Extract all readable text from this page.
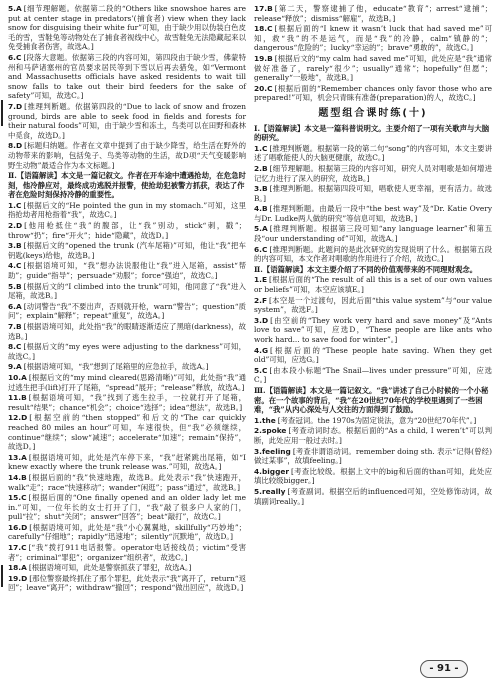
5.A [细节理解题。依据第二段的“Others like snowshoe hares are put at center stage in predators’(捕食者) view when they lack snow for disguising their white fur”可知，由于缺少用以伪装白色皮毛的雪，雪鞋兔等动物处在了捕食者视线中心，故雪鞋兔无法隐藏起来以免受捕食者伤害，故选A。]
6.C [段落大意题。依据第三段的内容可知，第四段由于缺少雪，佛蒙特州和马萨诸塞州的官员要求居民等到下雪以后再去猎兔，如“Vermont and Massachusetts officials have asked residents to wait till snow falls to take out their bird feeders for the sake of safety”可知，故选C。]
7.D [推理判断题。依据第四段的“Due to lack of snow and frozen ground, birds are able to seek food in fields and forests for their natural foods”可知，由于缺少雪和冻土，鸟类可以在田野和森林中觅食，故选D。]
8.D [标题归纳题。作者在文章中提到了由于缺少降雪，给生活在野外的动物带来的影响，包括兔子、鸟类等动物的生活，故D项“天气变暖影响野生动物”最适合作为本文标题。]
Ⅱ.【语篇解读】本文是一篇记叙文。作者在开车途中遭遇抢劫，在危急时刻，他冷静应对，最终成功逃脱并报警，使抢劫犯被警方抓获，表达了作者在危险时刻保持冷静的重要性。
1.C [根据后文的“He pointed the gun in my stomach.”可知，这里指抢劫者用枪指着“我”，故选C。]
2.D [他用枪抵住“我”的腹部，让“我”别动，stick“刺，戳”；throw“扔”；fire“开火”；hide“隐藏”，故选D。]
3.B [根据后文的“opened the trunk (汽车尾箱)”可知，他让“我”把车钥匙(keys)给他，故选B。]
4.C [根据语境可知，“我”想办法说服他让“我”进入尾箱，assist“帮助”；guide“指导”；persuade“劝服”；force“强迫”，故选C。]
5.B [根据后文的“I climbed into the trunk”可知，他同意了“我”进入尾箱，故选B。]
6.A [动词警告“我”不要出声，否则就开枪，warn“警告”；question“质问”；explain“解释”；repeat“重复”，故选A。]
7.B [根据语境可知，此处指“我”的眼睛逐渐适应了黑暗(darkness)，故选B。]
8.C [根据后文的“my eyes were adjusting to the darkness”可知，故选C。]
9.A [根据语境可知，“我”想到了尾箱里的应急拉手，故选A。]
10.A [根据后文的“my mind cleared(思路清晰)”可知，此处指“我”通过逃生把手(lift)打开了尾箱，“spread”展开；“release”释放，故选A。]
11.B [根据语境可知，“我”找到了逃生拉手，一拉就打开了尾箱，result“结果”；chance“机会”；choice“选择”；idea“想法”，故选B。]
12.D [根据空前的“then stopped”和后文的“The car quickly reached 80 miles an hour”可知，车速很快，但“我”必须继续，continue“继续”；slow“减速”；accelerate“加速”；remain“保持”，故选D。]
13.A [根据语境可知，此处是汽车停下来，“我”赶紧跳出尾箱，如“I knew exactly where the trunk release was.”可知，故选A。]
14.B [根据后面的“我”快速地跑，故选B。此处表示“我”快速跑开，walk“走”；race“快速移动”；wander“闲逛”；pass“通过”，故选B。]
15.C [根据后面的“One finally opened and an older lady let me in.”可知，一位年长的女士打开了门，“我”敲了很多户人家的门，pull“拉”；shut“关闭”；answer“回答”；beat“敲打”，故选C。]
16.D [根据语境可知，此处是“我”小心翼翼地，skillfully“巧妙地”；carefully“仔细地”；rapidly“迅速地”；silently“沉默地”，故选D。]
17.C [“我”拨打911电话报警。operator电话接线员；victim“受害者”；criminal“罪犯”；organizer“组织者”，故选C。]
18.A [根据语境可知，此处是警察抓获了罪犯，故选A。]
19.D [那位警察最终抓住了那个罪犯，此处表示“我”离开了，return“返回”；leave“离开”；withdraw“撤回”；respond“做出回应”，故选D。]
17.B [第二天，警察逮捕了他，educate“教育”；arrest“逮捕”；release“释放”；dismiss“解雇”，故选B。]
18.C [根据后面的“I knew it wasn’t luck that had saved me”可知，救“我”的不是运气，而是“我”的冷静，calm“镇静的”；dangerous“危险的”；lucky“幸运的”；brave“勇敢的”，故选C。]
19.B [根据后文的“my calm had saved me”可知，此处应是“我”通常做好准备了，rarely“很少”；usually“通常”；hopefully“但愿”；generally“一般地”，故选B。]
20.C [根据后面的“Remember chances only favor those who are prepared!”可知，机会只青睐有准备(preparation)的人，故选C。]
题型组合课时练(十)
Ⅰ.【语篇解读】本文是一篇科普说明文。主要介绍了一项有关歌声与大脑的研究。
1.C [推理判断题。根据第一段的第二句“song”的内容可知，本文主要讲述了唱歌能使人的大脑更健康，故选C。]
2.B [细节理解题。根据第三段的内容可知，研究人员对唱歌是如何增进记忆力进行了深入的研究，故选B。]
3.B [推理判断题。根据第四段可知，唱歌使人更幸福，更有活力。故选B。]
4.B [推理判断题。由最后一段中“the best way”及“Dr. Katie Overy与Dr. Ludke两人做的研究”等信息可知，故选B。]
5.A [推理判断题。根据第三段可知“any language learner”和第五段“our understanding of”可知，故选A。]
6.C [推理判断题。此题问的是此次研究的发现说明了什么。根据第五段的内容可知，本文作者对唱歌的作用进行了介绍，故选C。]
Ⅱ.【语篇解读】本文主要介绍了不同的价值观带来的不同理财观念。
1.E [根据后面的“The result of all this is a set of our own values or beliefs”可知，本空应该填E。]
2.F [本空是一个过渡句，因此后面“this value system”与“our value system”，故选F。]
3.D [由空前的“They work very hard and save money”及“Ants love to save”可知，应选D，“These people are like ants who work hard... to save food for winter”。]
4.G [根据后面的“These people hate saving. When they get old”可知，应选G。]
5.C [由本段小标题“The Snail—lives under pressure”可知，应选C。]
Ⅲ.【语篇解读】本文是一篇记叙文。“我”讲述了自己小时候的一个小秘密。在一个故事的背后，“我”在20世纪70年代的学校里遇到了一些困难，“我”从内心深处与人交往的方面得到了鼓励。
1.the [考查冠词。the 1970s为固定说法，意为“20世纪70年代”。]
2.spoke [考查动词时态。根据后面的“As a child, I weren’t”可以判断，此处应用一般过去时。]
3.feeling [考查非谓语动词。remember doing sth. 表示“记得(曾经)做过某事”，故填feeling。]
4.bigger [考查比较级。根据上文中的big和后面的than可知，此处应填比较级bigger。]
5.really [考查副词。根据空后的influenced可知，空处修饰动词，故填副词really。]
- 91 -
